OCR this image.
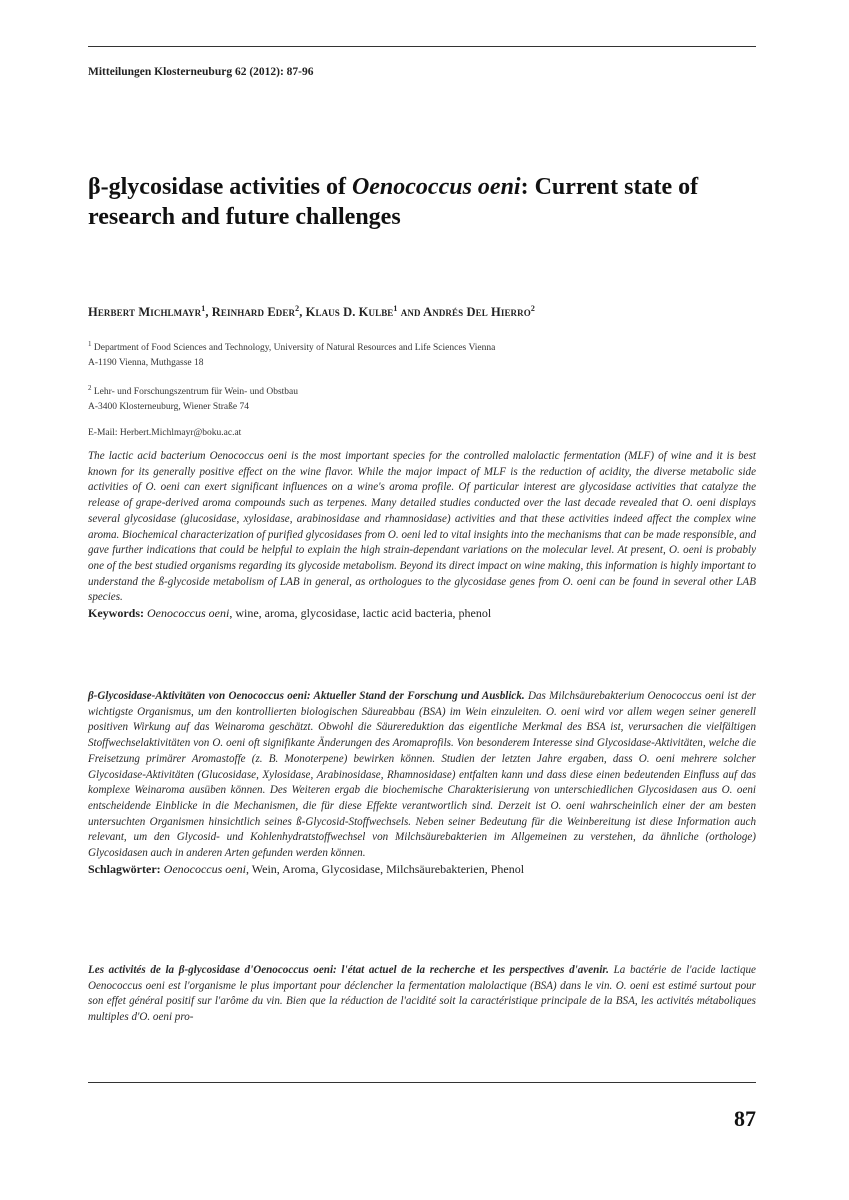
Mitteilungen Klosterneuburg 62 (2012): 87-96
β-glycosidase activities of Oenococcus oeni: Current state of research and future challenges
Herbert Michlmayr$^1$, Reinhard Eder$^2$, Klaus D. Kulbe$^1$ and Andrés Del Hierro$^2$
$^1$ Department of Food Sciences and Technology, University of Natural Resources and Life Sciences Vienna
A-1190 Vienna, Muthgasse 18
$^2$ Lehr- und Forschungszentrum für Wein- und Obstbau
A-3400 Klosterneuburg, Wiener Straße 74
E-Mail: Herbert.Michlmayr@boku.ac.at
The lactic acid bacterium Oenococcus oeni is the most important species for the controlled malolactic fermentation (MLF) of wine and it is best known for its generally positive effect on the wine flavor. While the major impact of MLF is the reduction of acidity, the diverse metabolic side activities of O. oeni can exert significant influences on a wine's aroma profile. Of particular interest are glycosidase activities that catalyze the release of grape-derived aroma compounds such as terpenes. Many detailed studies conducted over the last decade revealed that O. oeni displays several glycosidase (glucosidase, xylosidase, arabinosidase and rhamnosidase) activities and that these activities indeed affect the complex wine aroma. Biochemical characterization of purified glycosidases from O. oeni led to vital insights into the mechanisms that can be made responsible, and gave further indications that could be helpful to explain the high strain-dependant variations on the molecular level. At present, O. oeni is probably one of the best studied organisms regarding its glycoside metabolism. Beyond its direct impact on wine making, this information is highly important to understand the ß-glycoside metabolism of LAB in general, as orthologues to the glycosidase genes from O. oeni can be found in several other LAB species.
Keywords: Oenococcus oeni, wine, aroma, glycosidase, lactic acid bacteria, phenol
β-Glycosidase-Aktivitäten von Oenococcus oeni: Aktueller Stand der Forschung und Ausblick. Das Milchsäurebakterium Oenococcus oeni ist der wichtigste Organismus, um den kontrollierten biologischen Säureabbau (BSA) im Wein einzuleiten. O. oeni wird vor allem wegen seiner generell positiven Wirkung auf das Weinaroma geschätzt. Obwohl die Säurereduktion das eigentliche Merkmal des BSA ist, verursachen die vielfältigen Stoffwechselaktivitäten von O. oeni oft signifikante Änderungen des Aromaprofils. Von besonderem Interesse sind Glycosidase-Aktivitäten, welche die Freisetzung primärer Aromastoffe (z. B. Monoterpene) bewirken können. Studien der letzten Jahre ergaben, dass O. oeni mehrere solcher Glycosidase-Aktivitäten (Glucosidase, Xylosidase, Arabinosidase, Rhamnosidase) entfalten kann und dass diese einen bedeutenden Einfluss auf das komplexe Weinaroma ausüben können. Des Weiteren ergab die biochemische Charakterisierung von unterschiedlichen Glycosidasen aus O. oeni entscheidende Einblicke in die Mechanismen, die für diese Effekte verantwortlich sind. Derzeit ist O. oeni wahrscheinlich einer der am besten untersuchten Organismen hinsichtlich seines ß-Glycosid-Stoffwechsels. Neben seiner Bedeutung für die Weinbereitung ist diese Information auch relevant, um den Glycosid- und Kohlenhydratstoffwechsel von Milchsäurebakterien im Allgemeinen zu verstehen, da ähnliche (orthologe) Glycosidasen auch in anderen Arten gefunden werden können.
Schlagwörter: Oenococcus oeni, Wein, Aroma, Glycosidase, Milchsäurebakterien, Phenol
Les activités de la β-glycosidase d'Oenococcus oeni: l'état actuel de la recherche et les perspectives d'avenir. La bactérie de l'acide lactique Oenococcus oeni est l'organisme le plus important pour déclencher la fermentation malolactique (BSA) dans le vin. O. oeni est estimé surtout pour son effet général positif sur l'arôme du vin. Bien que la réduction de l'acidité soit la caractéristique principale de la BSA, les activités métaboliques multiples d'O. oeni pro-
87
